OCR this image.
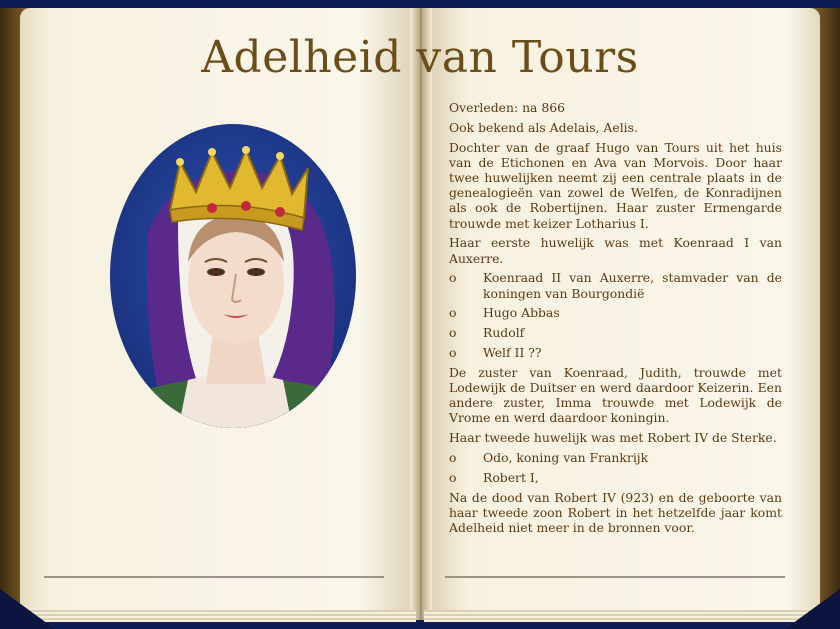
Adelheid van Tours

Overleden: na 866

Ook bekend als Adelais, Aelis.

Dochter van de graaf Hugo van Tours uit het huis van de Etichonen en Ava van Morvois. Door haar twee huwelijken neemt zij een centrale plaats in de genealogieën van zowel de Welfen, de Konradijnen als ook de Robertijnen. Haar zuster Ermengarde trouwde met keizer Lotharius I.

Haar eerste huwelijk was met Koenraad I van Auxerre.

o	Koenraad II van Auxerre, stamvader van de koningen van Bourgondië
o	Hugo Abbas
o	Rudolf
o	Welf II ??

De zuster van Koenraad, Judith, trouwde met Lodewijk de Duitser en werd daardoor Keizerin. Een andere zuster, Imma trouwde met Lodewijk de Vrome en werd daardoor koningin.

Haar tweede huwelijk was met Robert IV de Sterke.

o	Odo, koning van Frankrijk
o	Robert I,

Na de dood van Robert IV (923) en de geboorte van haar tweede zoon Robert in het hetzelfde jaar komt Adelheid niet meer in de bronnen voor.
